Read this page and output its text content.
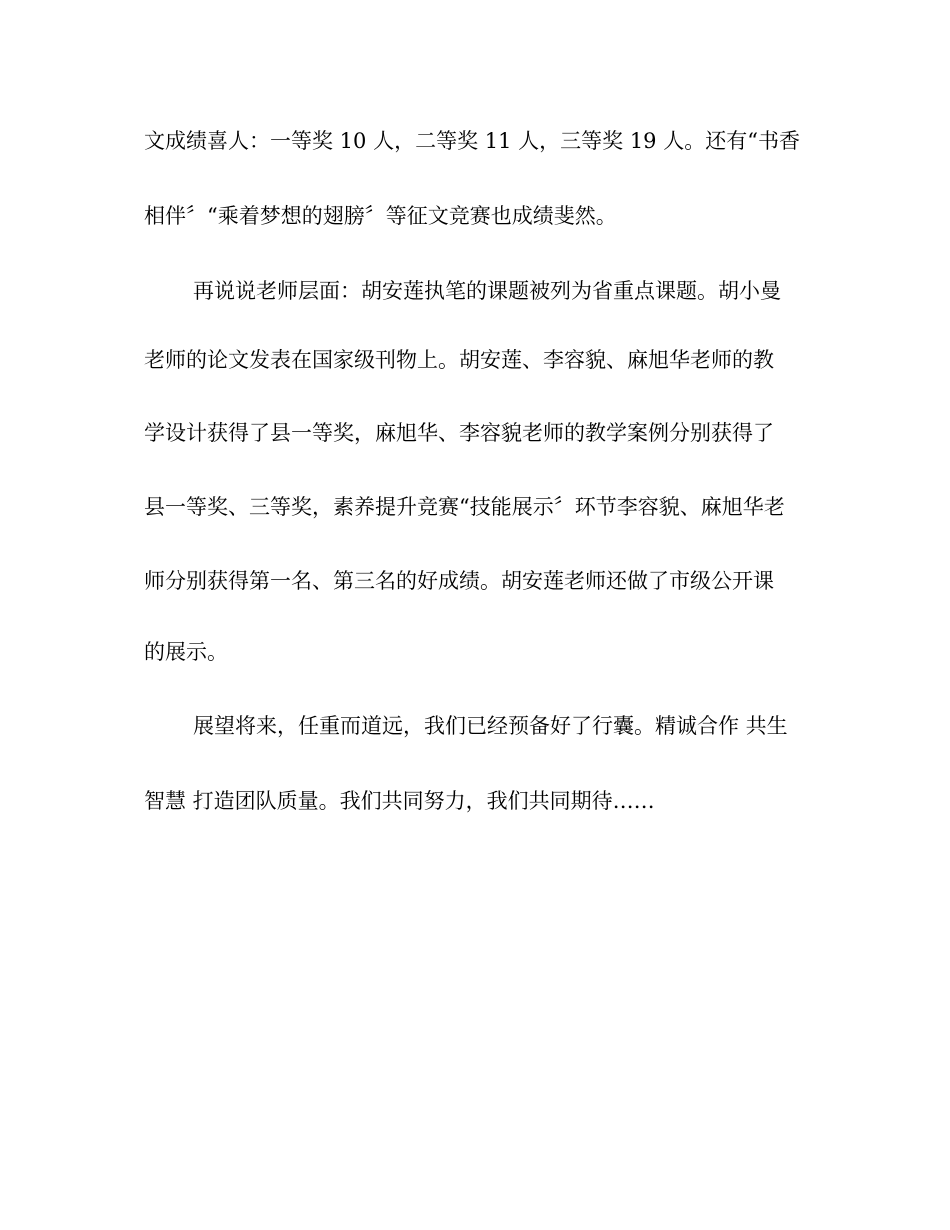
文成绩喜人：一等奖 10 人，二等奖 11 人，三等奖 19 人。还有“书香
相伴〞“乘着梦想的翅膀〞等征文竞赛也成绩斐然。
再说说老师层面：胡安莲执笔的课题被列为省重点课题。胡小曼
老师的论文发表在国家级刊物上。胡安莲、李容貌、麻旭华老师的教
学设计获得了县一等奖，麻旭华、李容貌老师的教学案例分别获得了
县一等奖、三等奖，素养提升竞赛“技能展示〞环节李容貌、麻旭华老
师分别获得第一名、第三名的好成绩。胡安莲老师还做了市级公开课
的展示。
展望将来，任重而道远，我们已经预备好了行囊。精诚合作 共生
智慧 打造团队质量。我们共同努力，我们共同期待……
